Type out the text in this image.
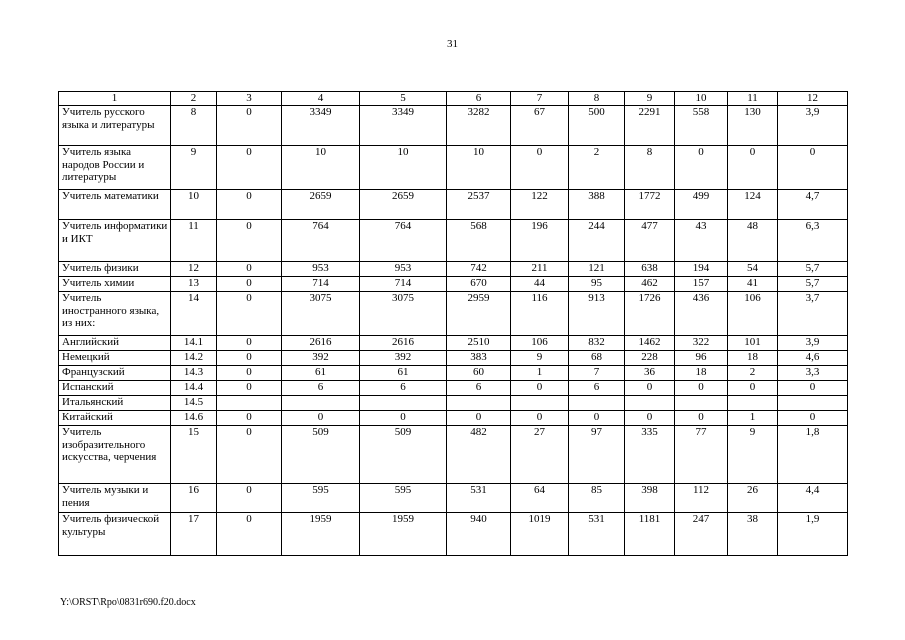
31
1	2	3	4	5	6	7	8	9	10	11	12
Учитель русского языка и литературы	8	0	3349	3349	3282	67	500	2291	558	130	3,9
Учитель языка народов России и литературы	9	0	10	10	10	0	2	8	0	0	0
Учитель математики	10	0	2659	2659	2537	122	388	1772	499	124	4,7
Учитель информатики и ИКТ	11	0	764	764	568	196	244	477	43	48	6,3
Учитель физики	12	0	953	953	742	211	121	638	194	54	5,7
Учитель химии	13	0	714	714	670	44	95	462	157	41	5,7
Учитель иностранного языка, из них:	14	0	3075	3075	2959	116	913	1726	436	106	3,7
Английский	14.1	0	2616	2616	2510	106	832	1462	322	101	3,9
Немецкий	14.2	0	392	392	383	9	68	228	96	18	4,6
Французский	14.3	0	61	61	60	1	7	36	18	2	3,3
Испанский	14.4	0	6	6	6	0	6	0	0	0	0
Итальянский	14.5										
Китайский	14.6	0	0	0	0	0	0	0	0	1	0
Учитель изобразительного искусства, черчения	15	0	509	509	482	27	97	335	77	9	1,8
Учитель музыки и пения	16	0	595	595	531	64	85	398	112	26	4,4
Учитель физической культуры	17	0	1959	1959	940	1019	531	1181	247	38	1,9
Y:\ORST\Rpo\0831r690.f20.docx
